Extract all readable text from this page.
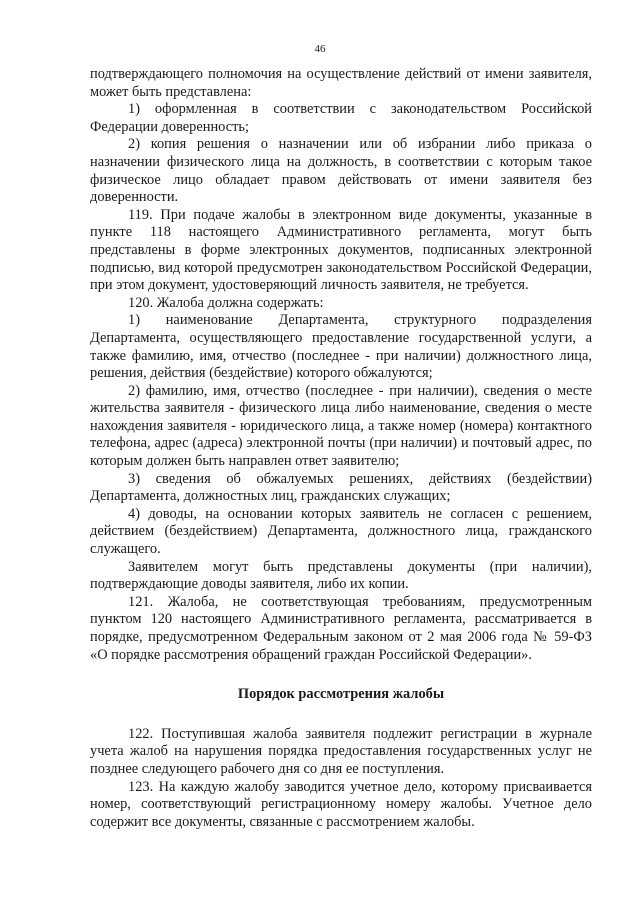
46

подтверждающего полномочия на осуществление действий от имени заявителя, может быть представлена:

1) оформленная в соответствии с законодательством Российской Федерации доверенность;

2) копия решения о назначении или об избрании либо приказа о назначении физического лица на должность, в соответствии с которым такое физическое лицо обладает правом действовать от имени заявителя без доверенности.

119. При подаче жалобы в электронном виде документы, указанные в пункте 118 настоящего Административного регламента, могут быть представлены в форме электронных документов, подписанных электронной подписью, вид которой предусмотрен законодательством Российской Федерации, при этом документ, удостоверяющий личность заявителя, не требуется.

120. Жалоба должна содержать:

1) наименование Департамента, структурного подразделения Департамента, осуществляющего предоставление государственной услуги, а также фамилию, имя, отчество (последнее - при наличии) должностного лица, решения, действия (бездействие) которого обжалуются;

2) фамилию, имя, отчество (последнее - при наличии), сведения о месте жительства заявителя - физического лица либо наименование, сведения о месте нахождения заявителя - юридического лица, а также номер (номера) контактного телефона, адрес (адреса) электронной почты (при наличии) и почтовый адрес, по которым должен быть направлен ответ заявителю;

3) сведения об обжалуемых решениях, действиях (бездействии) Департамента, должностных лиц, гражданских служащих;

4) доводы, на основании которых заявитель не согласен с решением, действием (бездействием) Департамента, должностного лица, гражданского служащего.

Заявителем могут быть представлены документы (при наличии), подтверждающие доводы заявителя, либо их копии.

121. Жалоба, не соответствующая требованиям, предусмотренным пунктом 120 настоящего Административного регламента, рассматривается в порядке, предусмотренном Федеральным законом от 2 мая 2006 года № 59-ФЗ «О порядке рассмотрения обращений граждан Российской Федерации».

Порядок рассмотрения жалобы

122. Поступившая жалоба заявителя подлежит регистрации в журнале учета жалоб на нарушения порядка предоставления государственных услуг не позднее следующего рабочего дня со дня ее поступления.

123. На каждую жалобу заводится учетное дело, которому присваивается номер, соответствующий регистрационному номеру жалобы. Учетное дело содержит все документы, связанные с рассмотрением жалобы.
